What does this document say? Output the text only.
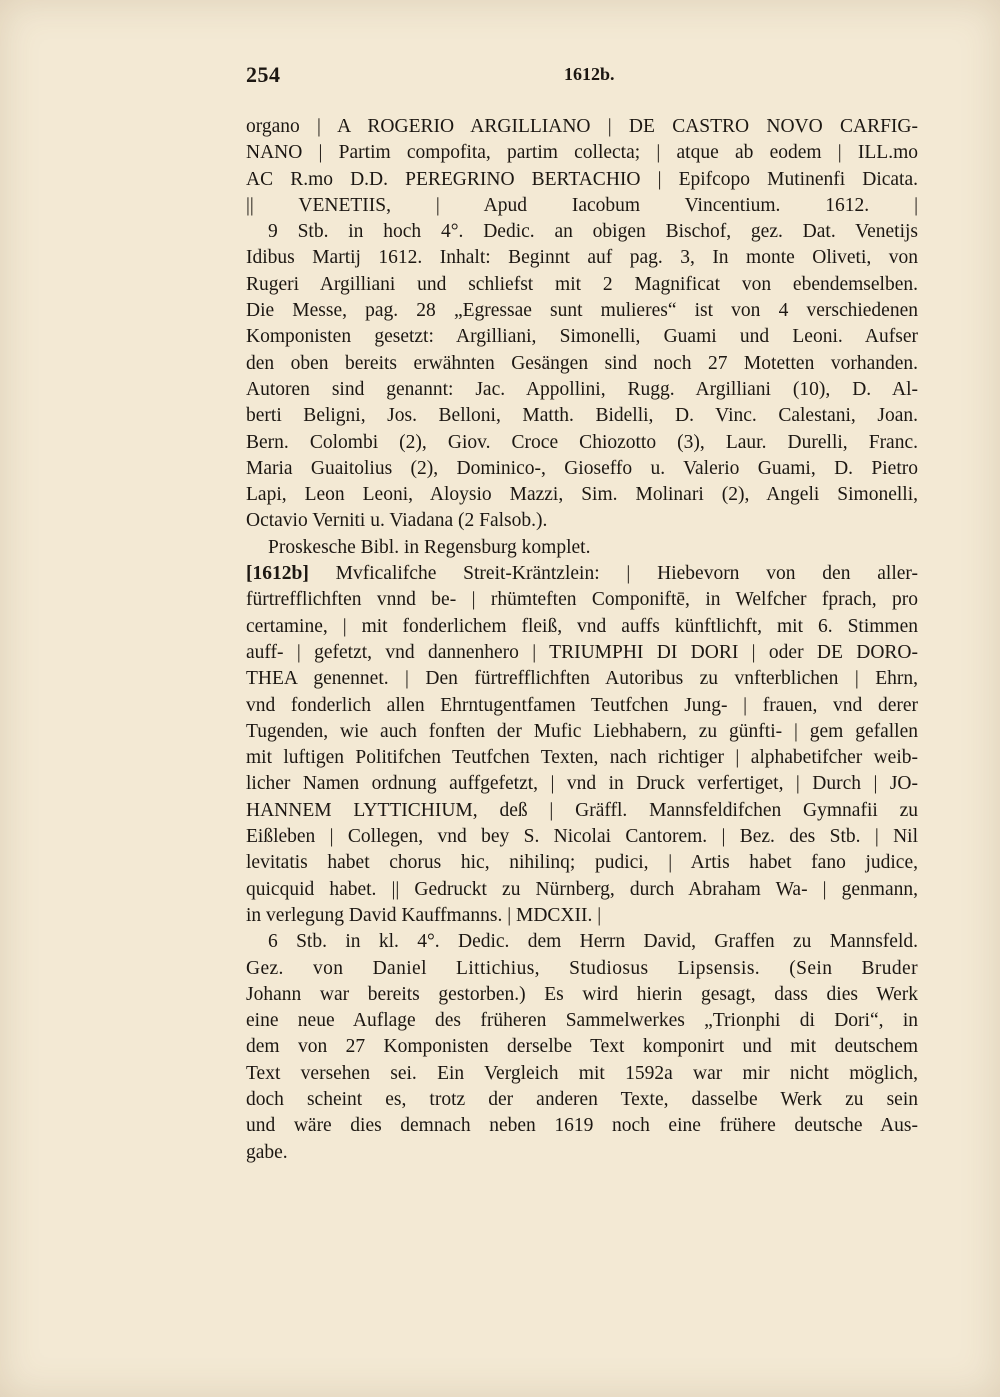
254	1612b.
organo | A ROGERIO ARGILLIANO | DE CASTRO NOVO CARFIG-
NANO | Partim compofita, partim collecta; | atque ab eodem | ILL.mo
AC R.mo D.D. PEREGRINO BERTACHIO | Epifcopo Mutinenfi Dicata.
|| VENETIIS, | Apud Iacobum Vincentium. 1612. |
9 Stb. in hoch 4°. Dedic. an obigen Bischof, gez. Dat. Venetijs
Idibus Martij 1612. Inhalt: Beginnt auf pag. 3, In monte Oliveti, von
Rugeri Argilliani und schliefst mit 2 Magnificat von ebendemselben.
Die Messe, pag. 28 „Egressae sunt mulieres“ ist von 4 verschiedenen
Komponisten gesetzt: Argilliani, Simonelli, Guami und Leoni. Aufser
den oben bereits erwähnten Gesängen sind noch 27 Motetten vorhanden.
Autoren sind genannt: Jac. Appollini, Rugg. Argilliani (10), D. Al-
berti Beligni, Jos. Belloni, Matth. Bidelli, D. Vinc. Calestani, Joan.
Bern. Colombi (2), Giov. Croce Chiozotto (3), Laur. Durelli, Franc.
Maria Guaitolius (2), Dominico-, Gioseffo u. Valerio Guami, D. Pietro
Lapi, Leon Leoni, Aloysio Mazzi, Sim. Molinari (2), Angeli Simonelli,
Octavio Verniti u. Viadana (2 Falsob.).
Proskesche Bibl. in Regensburg komplet.
[1612b] Mvficalifche Streit-Kräntzlein: | Hiebevorn von den aller-
fürtrefflichften vnnd be- | rhümteften Componiftē, in Welfcher fprach, pro
certamine, | mit fonderlichem fleiß, vnd auffs künftlichft, mit 6. Stimmen
auff- | gefetzt, vnd dannenhero | TRIUMPHI DI DORI | oder DE DORO-
THEA genennet. | Den fürtrefflichften Autoribus zu vnfterblichen | Ehrn,
vnd fonderlich allen Ehrntugentfamen Teutfchen Jung- | frauen, vnd derer
Tugenden, wie auch fonften der Mufic Liebhabern, zu günfti- | gem gefallen
mit luftigen Politifchen Teutfchen Texten, nach richtiger | alphabetifcher weib-
licher Namen ordnung auffgefetzt, | vnd in Druck verfertiget, | Durch | JO-
HANNEM LYTTICHIUM, deß | Gräffl. Mannsfeldifchen Gymnafii zu
Eißleben | Collegen, vnd bey S. Nicolai Cantorem. | Bez. des Stb. | Nil
levitatis habet chorus hic, nihilinq; pudici, | Artis habet fano judice,
quicquid habet. || Gedruckt zu Nürnberg, durch Abraham Wa- | genmann,
in verlegung David Kauffmanns. | MDCXII. |
6 Stb. in kl. 4°. Dedic. dem Herrn David, Graffen zu Mannsfeld.
Gez. von Daniel Littichius, Studiosus Lipsensis. (Sein Bruder
Johann war bereits gestorben.) Es wird hierin gesagt, dass dies Werk
eine neue Auflage des früheren Sammelwerkes „Trionphi di Dori“, in
dem von 27 Komponisten derselbe Text komponirt und mit deutschem
Text versehen sei. Ein Vergleich mit 1592a war mir nicht möglich,
doch scheint es, trotz der anderen Texte, dasselbe Werk zu sein
und wäre dies demnach neben 1619 noch eine frühere deutsche Aus-
gabe.
